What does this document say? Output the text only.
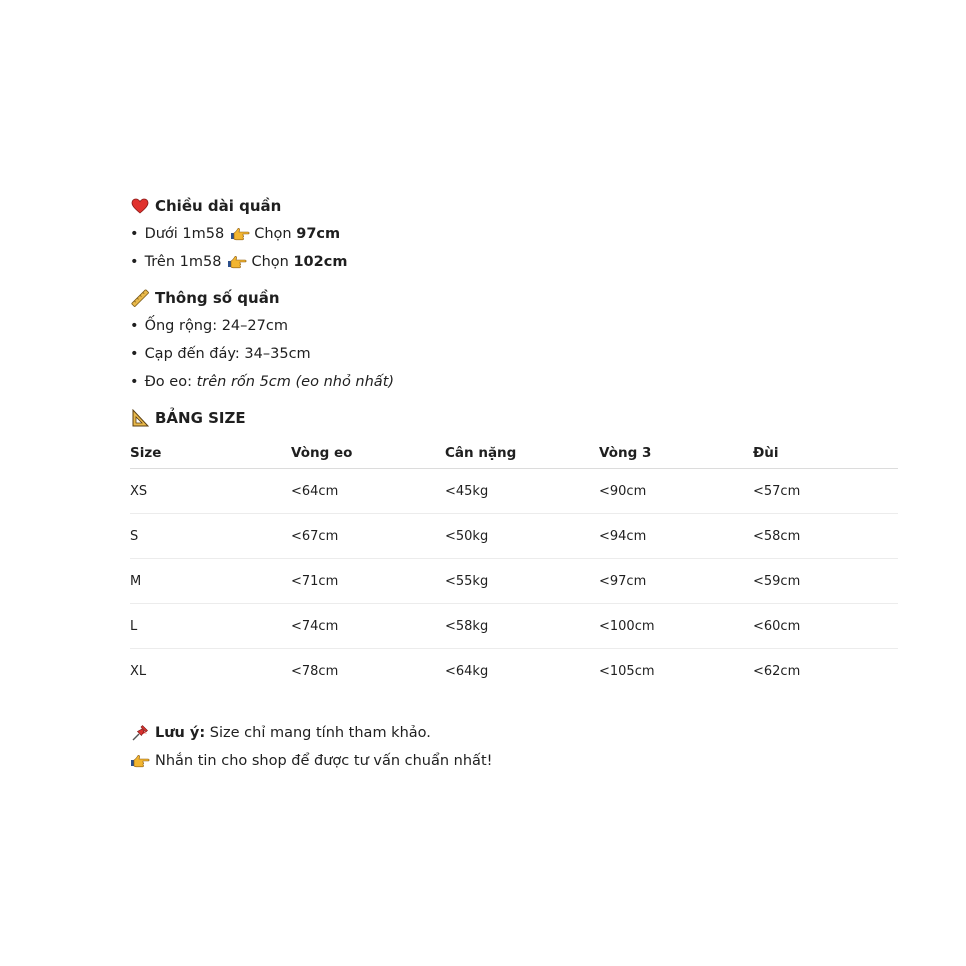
Chiều dài quần
• Dưới 1m58 Chọn
97cm
• Trên 1m58 Chọn
102cm
Thông số quần
• Ống rộng: 24–27cm
• Cạp đến đáy: 34–35cm
• Đo eo: trên rốn 5cm (eo nhỏ nhất)
BẢNG SIZE
Size	Vòng eo	Cân nặng	Vòng 3	Đùi
XS	<64cm	<45kg	<90cm	<57cm
S	<67cm	<50kg	<94cm	<58cm
M	<71cm	<55kg	<97cm	<59cm
L	<74cm	<58kg	<100cm	<60cm
XL	<78cm	<64kg	<105cm	<62cm
Lưu ý: Size chỉ mang tính tham khảo.
Nhắn tin cho shop để được tư vấn chuẩn nhất!
